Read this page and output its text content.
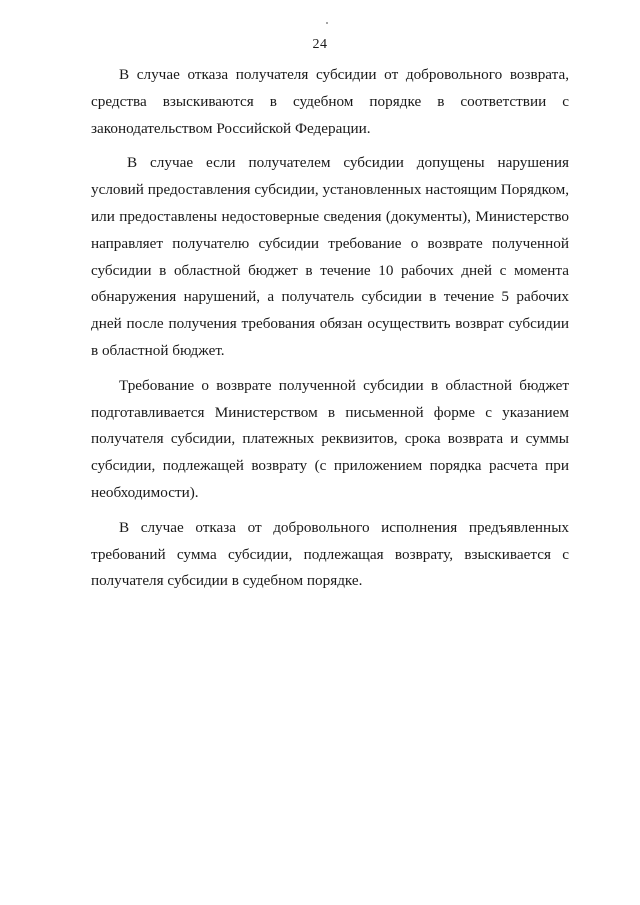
24

В случае отказа получателя субсидии от добровольного возврата, средства взыскиваются в судебном порядке в соответствии с законодательством Российской Федерации.

В случае если получателем субсидии допущены нарушения условий предоставления субсидии, установленных настоящим Порядком, или предоставлены недостоверные сведения (документы), Министерство направляет получателю субсидии требование о возврате полученной субсидии в областной бюджет в течение 10 рабочих дней с момента обнаружения нарушений, а получатель субсидии в течение 5 рабочих дней после получения требования обязан осуществить возврат субсидии в областной бюджет.

Требование о возврате полученной субсидии в областной бюджет подготавливается Министерством в письменной форме с указанием получателя субсидии, платежных реквизитов, срока возврата и суммы субсидии, подлежащей возврату (с приложением порядка расчета при необходимости).

В случае отказа от добровольного исполнения предъявленных требований сумма субсидии, подлежащая возврату, взыскивается с получателя субсидии в судебном порядке.
